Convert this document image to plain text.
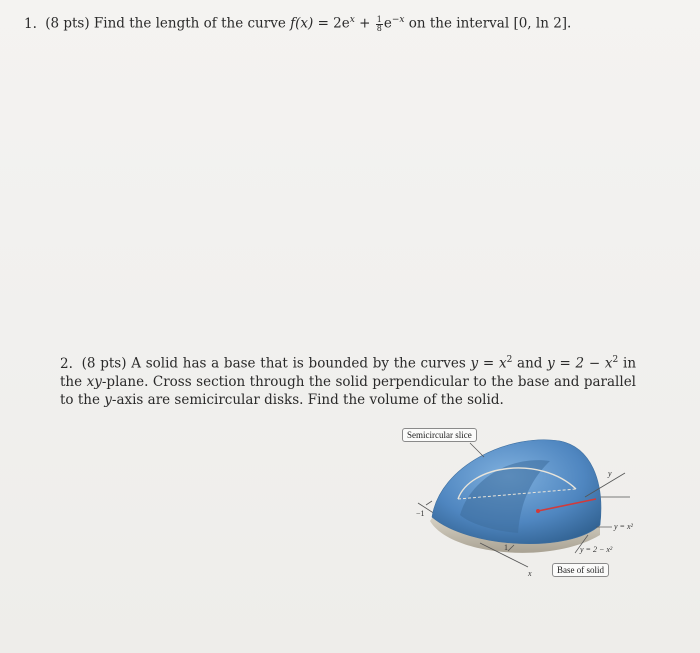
1. (8 pts) Find the length of the curve $f(x) = 2e^x + \frac{1}{8} e^{-x}$ on the interval [0, ln 2].
2. (8 pts) A solid has a base that is bounded by the curves $y = x^2$ and $y = 2 - x^2$ in the xy-plane. Cross section through the solid perpendicular to the base and parallel to the y-axis are semicircular disks. Find the volume of the solid.
Semicircular slice
Base of solid
y
x
−1
1
y = x²
y = 2 − x²
